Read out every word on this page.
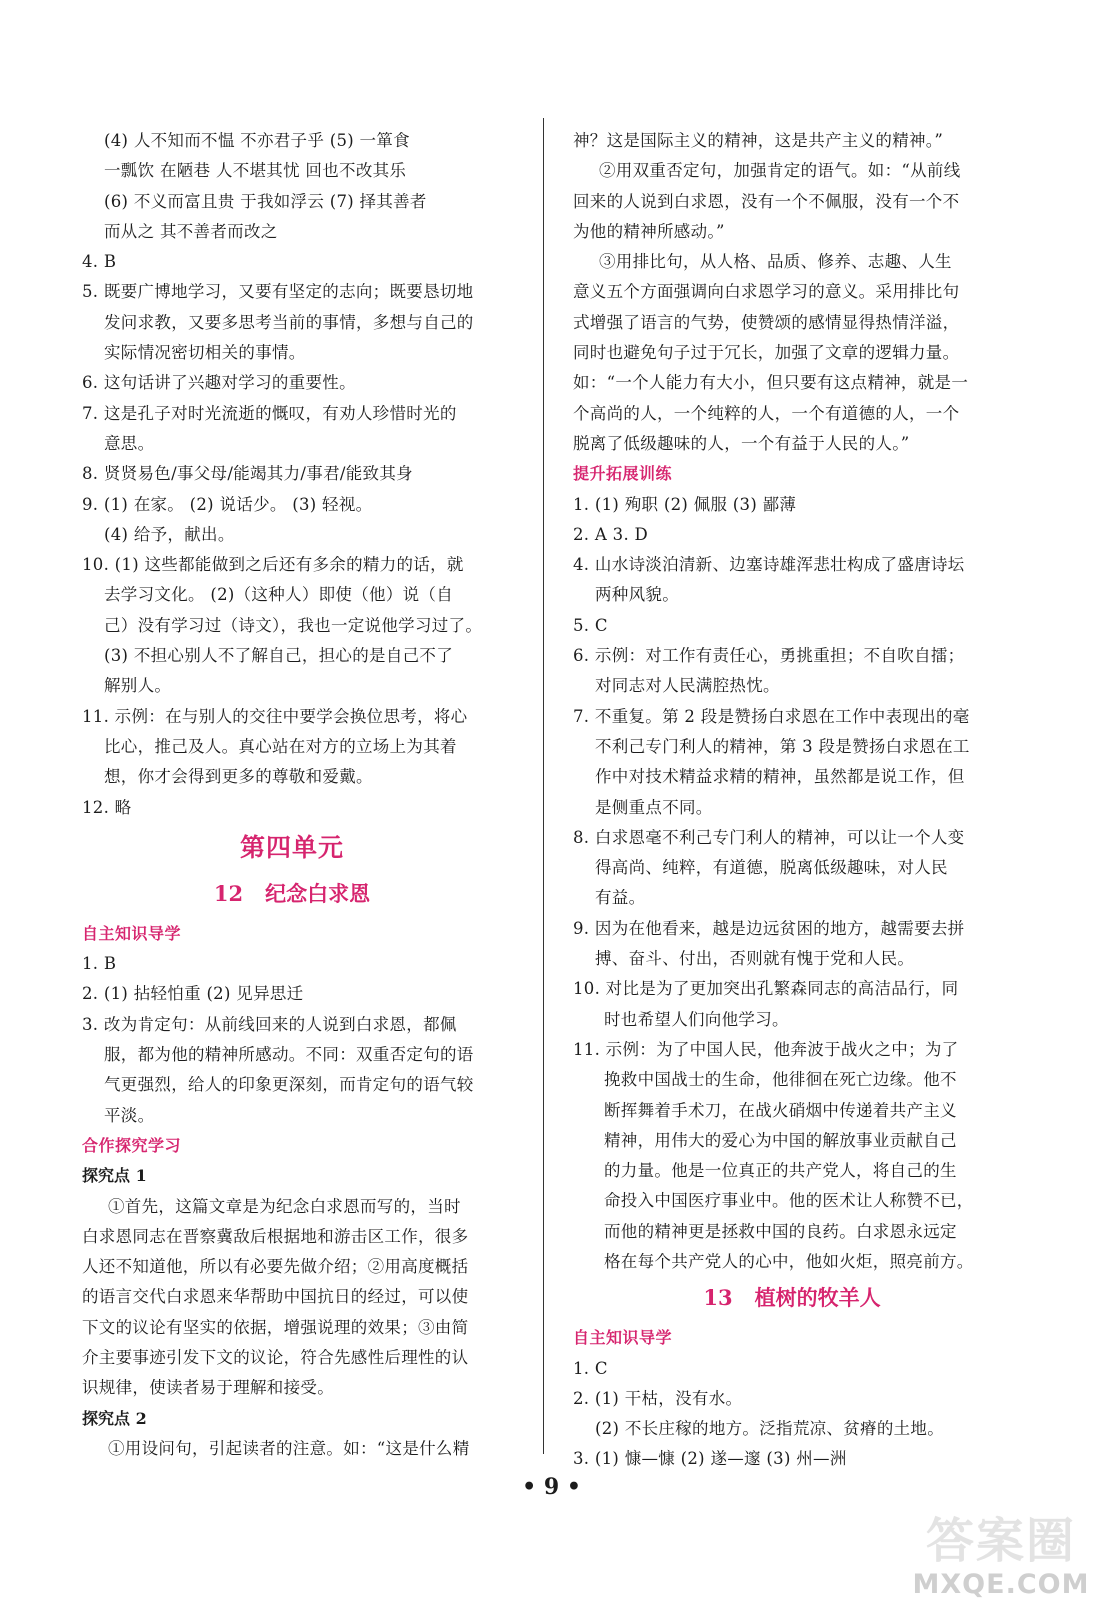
(4) 人不知而不愠 不亦君子乎 (5) 一箪食
一瓢饮 在陋巷 人不堪其忧 回也不改其乐
(6) 不义而富且贵 于我如浮云 (7) 择其善者
而从之 其不善者而改之
4. B
5. 既要广博地学习，又要有坚定的志向；既要恳切地
发问求教，又要多思考当前的事情，多想与自己的
实际情况密切相关的事情。
6. 这句话讲了兴趣对学习的重要性。
7. 这是孔子对时光流逝的慨叹，有劝人珍惜时光的
意思。
8. 贤贤易色/事父母/能竭其力/事君/能致其身
9. (1) 在家。 (2) 说话少。 (3) 轻视。
(4) 给予，献出。
10. (1) 这些都能做到之后还有多余的精力的话，就
去学习文化。 (2)（这种人）即使（他）说（自
己）没有学习过（诗文），我也一定说他学习过了。
(3) 不担心别人不了解自己，担心的是自己不了
解别人。
11. 示例：在与别人的交往中要学会换位思考，将心
比心，推己及人。真心站在对方的立场上为其着
想，你才会得到更多的尊敬和爱戴。
12. 略
第四单元
12 纪念白求恩
自主知识导学
1. B
2. (1) 拈轻怕重 (2) 见异思迁
3. 改为肯定句：从前线回来的人说到白求恩，都佩
服，都为他的精神所感动。不同：双重否定句的语
气更强烈，给人的印象更深刻，而肯定句的语气较
平淡。
合作探究学习
探究点 1
①首先，这篇文章是为纪念白求恩而写的，当时
白求恩同志在晋察冀敌后根据地和游击区工作，很多
人还不知道他，所以有必要先做介绍；②用高度概括
的语言交代白求恩来华帮助中国抗日的经过，可以使
下文的议论有坚实的依据，增强说理的效果；③由简
介主要事迹引发下文的议论，符合先感性后理性的认
识规律，使读者易于理解和接受。
探究点 2
①用设问句，引起读者的注意。如：“这是什么精
神？这是国际主义的精神，这是共产主义的精神。”
②用双重否定句，加强肯定的语气。如：“从前线
回来的人说到白求恩，没有一个不佩服，没有一个不
为他的精神所感动。”
③用排比句，从人格、品质、修养、志趣、人生
意义五个方面强调向白求恩学习的意义。采用排比句
式增强了语言的气势，使赞颂的感情显得热情洋溢，
同时也避免句子过于冗长，加强了文章的逻辑力量。
如：“一个人能力有大小，但只要有这点精神，就是一
个高尚的人，一个纯粹的人，一个有道德的人，一个
脱离了低级趣味的人，一个有益于人民的人。”
提升拓展训练
1. (1) 殉职 (2) 佩服 (3) 鄙薄
2. A 3. D
4. 山水诗淡泊清新、边塞诗雄浑悲壮构成了盛唐诗坛
两种风貌。
5. C
6. 示例：对工作有责任心，勇挑重担；不自吹自擂；
对同志对人民满腔热忱。
7. 不重复。第 2 段是赞扬白求恩在工作中表现出的毫
不利己专门利人的精神，第 3 段是赞扬白求恩在工
作中对技术精益求精的精神，虽然都是说工作，但
是侧重点不同。
8. 白求恩毫不利己专门利人的精神，可以让一个人变
得高尚、纯粹，有道德，脱离低级趣味，对人民
有益。
9. 因为在他看来，越是边远贫困的地方，越需要去拼
搏、奋斗、付出，否则就有愧于党和人民。
10. 对比是为了更加突出孔繁森同志的高洁品行，同
时也希望人们向他学习。
11. 示例：为了中国人民，他奔波于战火之中；为了
挽救中国战士的生命，他徘徊在死亡边缘。他不
断挥舞着手术刀，在战火硝烟中传递着共产主义
精神，用伟大的爱心为中国的解放事业贡献自己
的力量。他是一位真正的共产党人，将自己的生
命投入中国医疗事业中。他的医术让人称赞不已，
而他的精神更是拯救中国的良药。白求恩永远定
格在每个共产党人的心中，他如火炬，照亮前方。
13 植树的牧羊人
自主知识导学
1. C
2. (1) 干枯，没有水。
(2) 不长庄稼的地方。泛指荒凉、贫瘠的土地。
3. (1) 慷—慷 (2) 遂—邃 (3) 州—洲
• 9 •
答案圈
MXQE.COM
